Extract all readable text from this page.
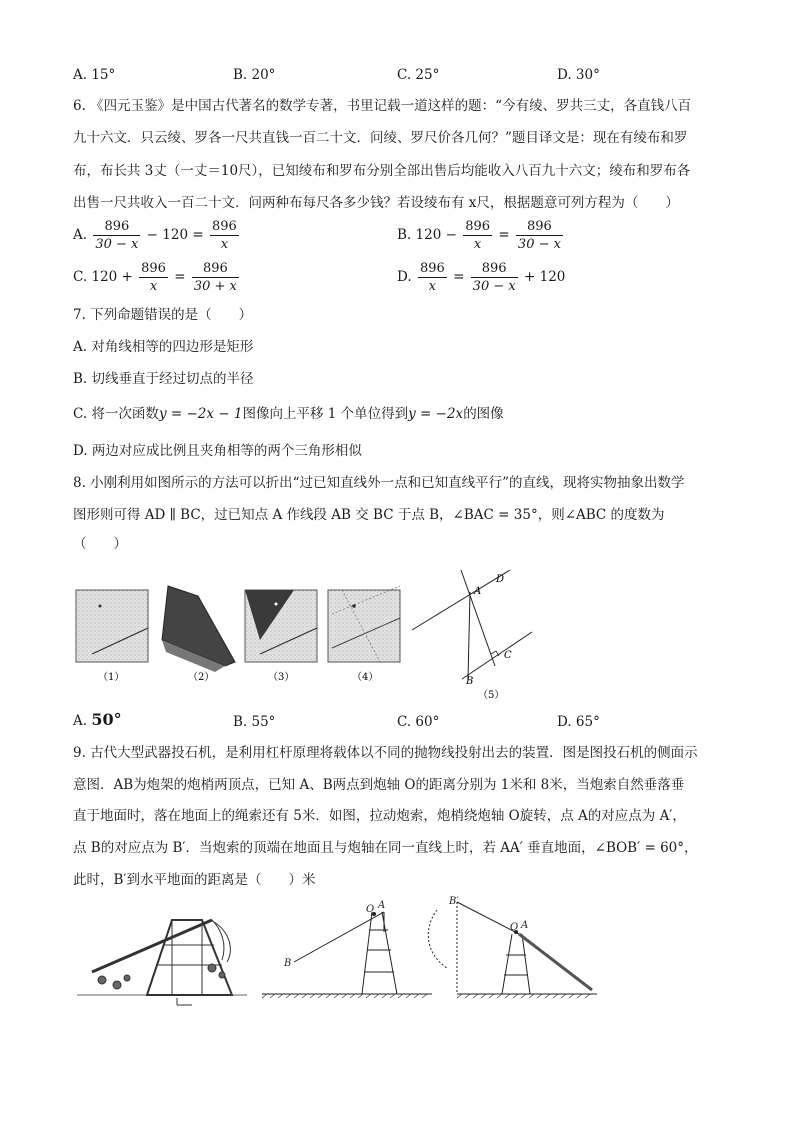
A. 15°	B. 20°	C. 25°	D. 30°
6. 《四元玉鉴》是中国古代著名的数学专著，书里记载一道这样的题：“今有绫、罗共三丈，各直钱八百
九十六文．只云绫、罗各一尺共直钱一百二十文．问绫、罗尺价各几何？”题目译文是：现在有绫布和罗
布，布长共 3丈（一丈＝10尺），已知绫布和罗布分别全部出售后均能收入八百九十六文；绫布和罗布各
出售一尺共收入一百二十文．问两种布每尺各多少钱？若设绫布有 x尺，根据题意可列方程为（　　）
A. $\frac{896}{30 - x} - 120 = \frac{896}{x}$	B. $120 - \frac{896}{x} = \frac{896}{30 - x}$
C. $120 + \frac{896}{x} = \frac{896}{30 + x}$	D. $\frac{896}{x} = \frac{896}{30 - x} + 120$
7. 下列命题错误的是（　　）
A. 对角线相等的四边形是矩形
B. 切线垂直于经过切点的半径
C. 将一次函数y = −2x − 1图像向上平移 1 个单位得到y = −2x的图像
D. 两边对应成比例且夹角相等的两个三角形相似
8. 小刚利用如图所示的方法可以折出“过已知直线外一点和已知直线平行”的直线，现将实物抽象出数学
图形则可得 AD ∥ BC，过已知点 A 作线段 AB 交 BC 于点 B，∠BAC = 35°，则∠ABC 的度数为
（　　）
A
D
C
B
（1）	（2）	（3）	（4）
（5）
A. 50°	B. 55°	C. 60°	D. 65°
9. 古代大型武器投石机，是利用杠杆原理将载体以不同的抛物线投射出去的装置．图是图投石机的侧面示
意图．AB为炮架的炮梢两顶点，已知 A、B两点到炮轴 O的距离分别为 1米和 8米，当炮索自然垂落垂
直于地面时，落在地面上的绳索还有 5米．如图，拉动炮索，炮梢绕炮轴 O旋转，点 A的对应点为 A′，
点 B的对应点为 B′．当炮索的顶端在地面且与炮轴在同一直线上时，若 AA′ 垂直地面，∠BOB′ = 60°，
此时，B′到水平地面的距离是（　　）米
O A
B
B′
O A
